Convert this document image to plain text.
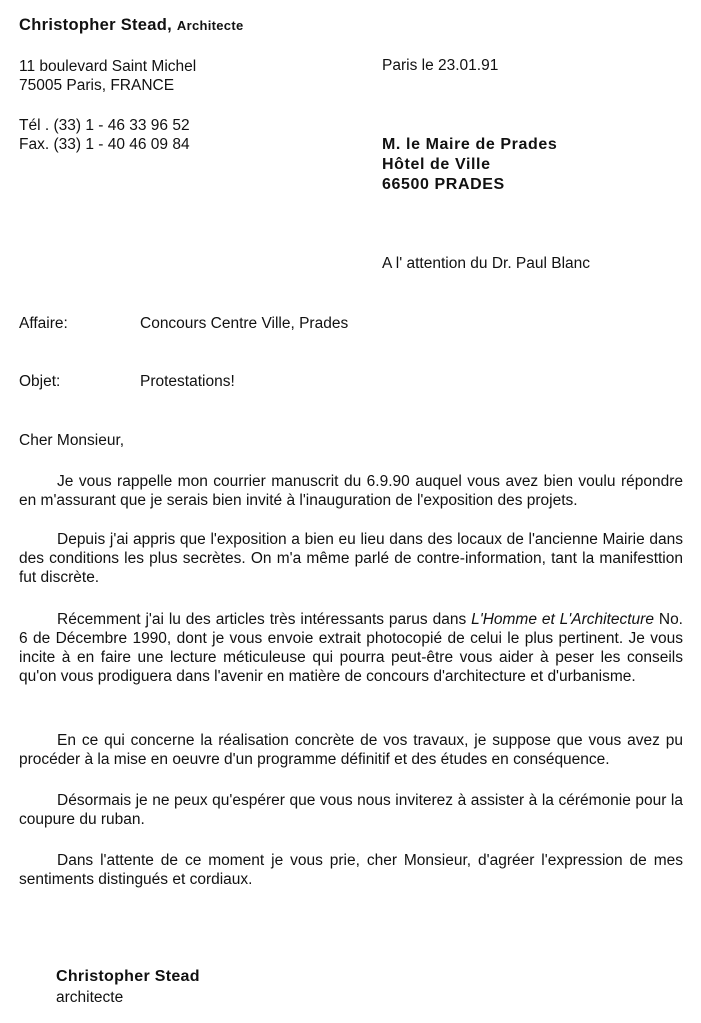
Christopher Stead, Architecte
11 boulevard Saint Michel
75005 Paris, FRANCE
Tél . (33) 1 - 46 33 96 52
Fax. (33) 1 - 40 46 09 84
Paris le 23.01.91
M. le Maire de Prades
Hôtel de Ville
66500 PRADES
A l' attention du Dr. Paul Blanc
Affaire:	Concours Centre Ville, Prades
Objet:	Protestations!
Cher Monsieur,
Je vous rappelle mon courrier manuscrit du 6.9.90 auquel vous avez bien voulu répondre en m'assurant que je serais bien invité à l'inauguration de l'exposition des projets.
Depuis j'ai appris que l'exposition a bien eu lieu dans des locaux de l'ancienne Mairie dans des conditions les plus secrètes. On m'a même parlé de contre-information, tant la manifesttion fut discrète.
Récemment j'ai lu des articles très intéressants parus dans L'Homme et L'Architecture No. 6 de Décembre 1990, dont je vous envoie extrait photocopié de celui le plus pertinent. Je vous incite à en faire une lecture méticuleuse qui pourra peut-être vous aider à peser les conseils qu'on vous prodiguera dans l'avenir en matière de concours d'architecture et d'urbanisme.
En ce qui concerne la réalisation concrète de vos travaux, je suppose que vous avez pu procéder à la mise en oeuvre d'un programme définitif et des études en conséquence.
Désormais je ne peux qu'espérer que vous nous inviterez à assister à la cérémonie pour la coupure du ruban.
Dans l'attente de ce moment je vous prie, cher Monsieur, d'agréer l'expression de mes sentiments distingués et cordiaux.
Christopher Stead
architecte
